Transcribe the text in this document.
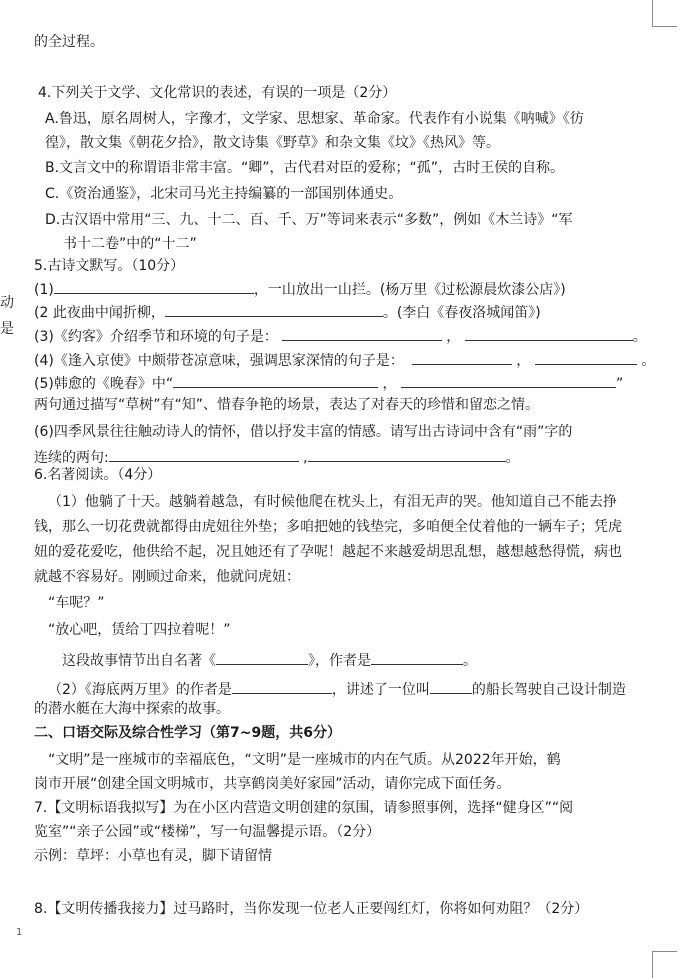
动
是
的全过程。
4.下列关于文学、文化常识的表述，有误的一项是（2分）
A.鲁迅，原名周树人，字豫才，文学家、思想家、革命家。代表作有小说集《呐喊》《彷
徨》，散文集《朝花夕拾》，散文诗集《野草》和杂文集《坟》《热风》等。
B.文言文中的称谓语非常丰富。“卿”，古代君对臣的爱称；“孤”，古时王侯的自称。
C.《资治通鉴》，北宋司马光主持编纂的一部国别体通史。
D.古汉语中常用“三、九、十二、百、千、万”等词来表示“多数”，例如《木兰诗》“军
书十二卷”中的“十二”
5.古诗文默写。（10分）
(1)	，一山放出一山拦。(杨万里《过松源晨炊漆公店》)
(2 此夜曲中闻折柳，	。(李白《春夜洛城闻笛》)
(3)《约客》介绍季节和环境的句子是：	，	。
(4)《逢入京使》中颇带苍凉意味，强调思家深情的句子是：	，	。
(5)韩愈的《晚春》中“	，	”
两句通过描写“草树”有“知”、惜春争艳的场景，表达了对春天的珍惜和留恋之情。
(6)四季风景往往触动诗人的情怀，借以抒发丰富的情感。请写出古诗词中含有“雨”字的
连续的两句:	,	。
6.名著阅读。（4分）
（1）他躺了十天。越躺着越急，有时候他爬在枕头上，有泪无声的哭。他知道自己不能去挣
钱，那么一切花费就都得由虎妞往外垫；多咱把她的钱垫完，多咱便全仗着他的一辆车子；凭虎
妞的爱花爱吃，他供给不起，况且她还有了孕呢！越起不来越爱胡思乱想，越想越愁得慌，病也
就越不容易好。刚顾过命来，他就问虎妞：
“车呢？”
“放心吧，赁给丁四拉着呢！”
这段故事情节出自名著《	》，作者是	。
（2）《海底两万里》的作者是	，讲述了一位叫	的船长驾驶自己设计制造
的潜水艇在大海中探索的故事。
二、口语交际及综合性学习（第7~9题，共6分）
“文明”是一座城市的幸福底色，“文明”是一座城市的内在气质。从2022年开始，鹤
岗市开展“创建全国文明城市，共享鹤岗美好家园”活动，请你完成下面任务。
7.【文明标语我拟写】为在小区内营造文明创建的氛围，请参照事例，选择“健身区”“阅
览室”“亲子公园”或“楼梯”，写一句温馨提示语。（2分）
示例：草坪：小草也有灵，脚下请留情
8.【文明传播我接力】过马路时，当你发现一位老人正要闯红灯，你将如何劝阻？（2分）
1
